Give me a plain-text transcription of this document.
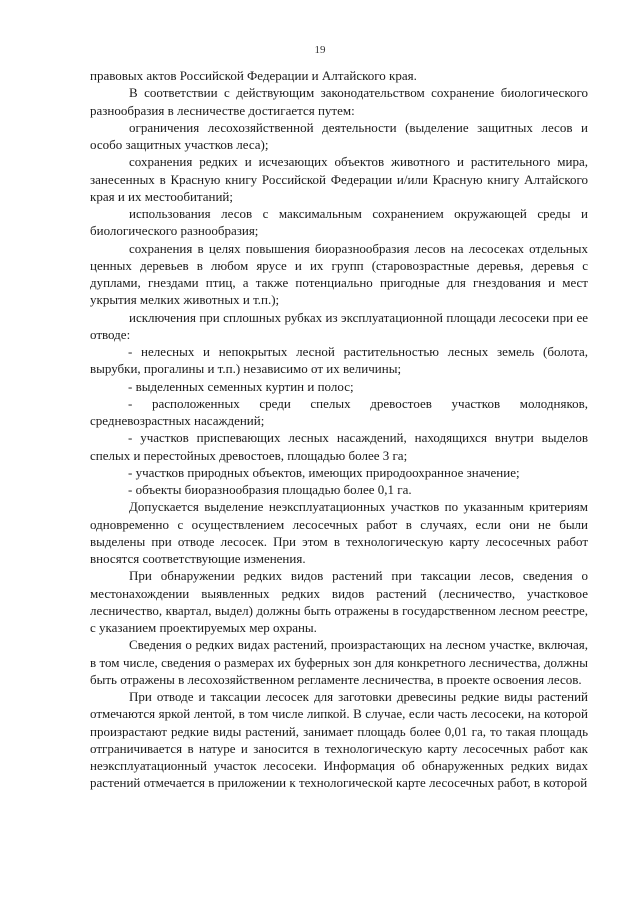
19

правовых актов Российской Федерации и Алтайского края.

В соответствии с действующим законодательством сохранение биологического разнообразия в лесничестве достигается путем:

ограничения лесохозяйственной деятельности (выделение защитных лесов и особо защитных участков леса);

сохранения редких и исчезающих объектов животного и растительного мира, занесенных в Красную книгу Российской Федерации и/или Красную книгу Алтайского края и их местообитаний;

использования лесов с максимальным сохранением окружающей среды и биологического разнообразия;

сохранения в целях повышения биоразнообразия лесов на лесосеках отдельных ценных деревьев в любом ярусе и их групп (старовозрастные деревья, деревья с дуплами, гнездами птиц, а также потенциально пригодные для гнездования и мест укрытия мелких животных и т.п.);

исключения при сплошных рубках из эксплуатационной площади лесосеки при ее отводе:

- нелесных и непокрытых лесной растительностью лесных земель (болота, вырубки, прогалины и т.п.) независимо от их величины;

- выделенных семенных куртин и полос;

- расположенных среди спелых древостоев участков молодняков, средневозрастных насаждений;

- участков приспевающих лесных насаждений, находящихся внутри выделов спелых и перестойных древостоев, площадью более 3 га;

- участков природных объектов, имеющих природоохранное значение;

- объекты биоразнообразия площадью более 0,1 га.

Допускается выделение неэксплуатационных участков по указанным критериям одновременно с осуществлением лесосечных работ в случаях, если они не были выделены при отводе лесосек. При этом в технологическую карту лесосечных работ вносятся соответствующие изменения.

При обнаружении редких видов растений при таксации лесов, сведения о местонахождении выявленных редких видов растений (лесничество, участковое лесничество, квартал, выдел) должны быть отражены в государственном лесном реестре, с указанием проектируемых мер охраны.

Сведения о редких видах растений, произрастающих на лесном участке, включая, в том числе, сведения о размерах их буферных зон для конкретного лесничества, должны быть отражены в лесохозяйственном регламенте лесничества, в проекте освоения лесов.

При отводе и таксации лесосек для заготовки древесины редкие виды растений отмечаются яркой лентой, в том числе липкой. В случае, если часть лесосеки, на которой произрастают редкие виды растений, занимает площадь более 0,01 га, то такая площадь отграничивается в натуре и заносится в технологическую карту лесосечных работ как неэксплуатационный участок лесосеки. Информация об обнаруженных редких видах растений отмечается в приложении к технологической карте лесосечных работ, в которой
